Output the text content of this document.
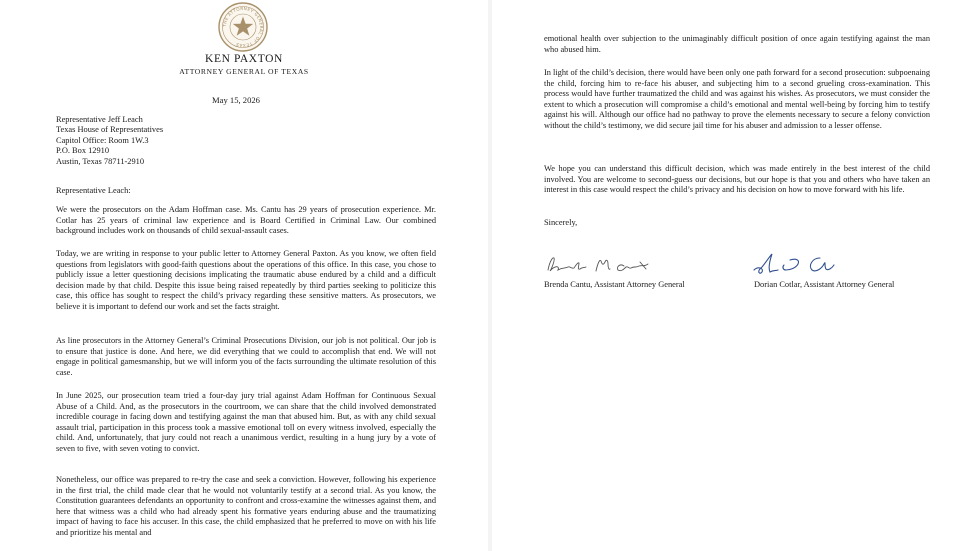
THE ATTORNEY GENERAL OF TEXAS
KEN PAXTON
ATTORNEY GENERAL OF TEXAS
May 15, 2026
Representative Jeff Leach
Texas House of Representatives
Capitol Office: Room 1W.3
P.O. Box 12910
Austin, Texas 78711-2910
Representative Leach:
We were the prosecutors on the Adam Hoffman case. Ms. Cantu has 29 years of prosecution experience. Mr. Cotlar has 25 years of criminal law experience and is Board Certified in Criminal Law. Our combined background includes work on thousands of child sexual-assault cases.
Today, we are writing in response to your public letter to Attorney General Paxton. As you know, we often field questions from legislators with good-faith questions about the operations of this office. In this case, you chose to publicly issue a letter questioning decisions implicating the traumatic abuse endured by a child and a difficult decision made by that child. Despite this issue being raised repeatedly by third parties seeking to politicize this case, this office has sought to respect the child’s privacy regarding these sensitive matters. As prosecutors, we believe it is important to defend our work and set the facts straight.
As line prosecutors in the Attorney General’s Criminal Prosecutions Division, our job is not political. Our job is to ensure that justice is done. And here, we did everything that we could to accomplish that end. We will not engage in political gamesmanship, but we will inform you of the facts surrounding the ultimate resolution of this case.
In June 2025, our prosecution team tried a four-day jury trial against Adam Hoffman for Continuous Sexual Abuse of a Child. And, as the prosecutors in the courtroom, we can share that the child involved demonstrated incredible courage in facing down and testifying against the man that abused him. But, as with any child sexual assault trial, participation in this process took a massive emotional toll on every witness involved, especially the child. And, unfortunately, that jury could not reach a unanimous verdict, resulting in a hung jury by a vote of seven to five, with seven voting to convict.
Nonetheless, our office was prepared to re-try the case and seek a conviction. However, following his experience in the first trial, the child made clear that he would not voluntarily testify at a second trial. As you know, the Constitution guarantees defendants an opportunity to confront and cross-examine the witnesses against them, and here that witness was a child who had already spent his formative years enduring abuse and the traumatizing impact of having to face his accuser. In this case, the child emphasized that he preferred to move on with his life and prioritize his mental and
emotional health over subjection to the unimaginably difficult position of once again testifying against the man who abused him.
In light of the child’s decision, there would have been only one path forward for a second prosecution: subpoenaing the child, forcing him to re-face his abuser, and subjecting him to a second grueling cross-examination. This process would have further traumatized the child and was against his wishes. As prosecutors, we must consider the extent to which a prosecution will compromise a child’s emotional and mental well-being by forcing him to testify against his will. Although our office had no pathway to prove the elements necessary to secure a felony conviction without the child’s testimony, we did secure jail time for his abuser and admission to a lesser offense.
We hope you can understand this difficult decision, which was made entirely in the best interest of the child involved. You are welcome to second-guess our decisions, but our hope is that you and others who have taken an interest in this case would respect the child’s privacy and his decision on how to move forward with his life.
Sincerely,
Brenda Cantu, Assistant Attorney General	Dorian Cotlar, Assistant Attorney General
